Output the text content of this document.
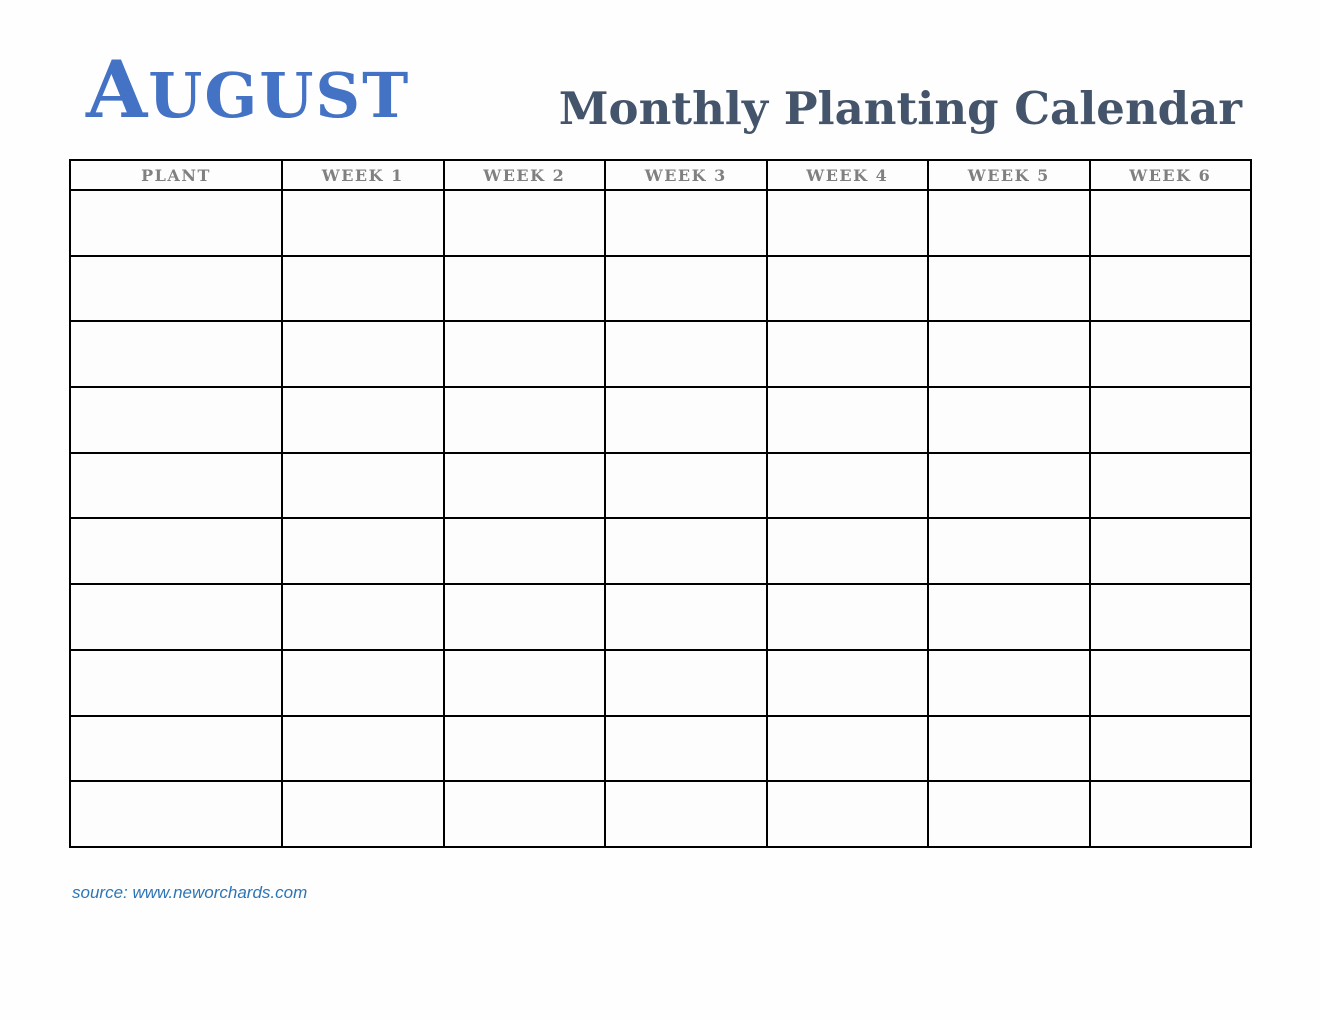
AUGUST	Monthly Planting Calendar
PLANT	WEEK 1	WEEK 2	WEEK 3	WEEK 4	WEEK 5	WEEK 6

source: www.neworchards.com
